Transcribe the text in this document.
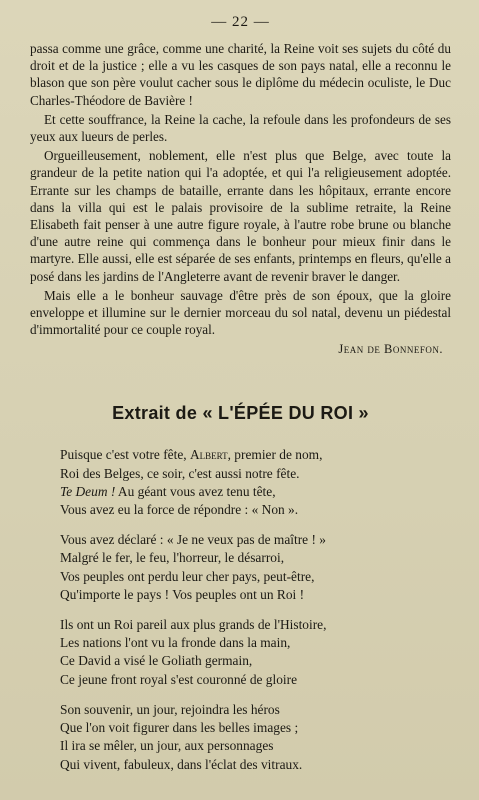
— 22 —

passa comme une grâce, comme une charité, la Reine voit ses sujets du côté du droit et de la justice ; elle a vu les casques de son pays natal, elle a reconnu le blason que son père voulut cacher sous le diplôme du médecin oculiste, le Duc Charles-Théodore de Bavière !

Et cette souffrance, la Reine la cache, la refoule dans les profondeurs de ses yeux aux lueurs de perles.

Orgueilleusement, noblement, elle n'est plus que Belge, avec toute la grandeur de la petite nation qui l'a adoptée, et qui l'a religieusement adoptée. Errante sur les champs de bataille, errante dans les hôpitaux, errante encore dans la villa qui est le palais provisoire de la sublime retraite, la Reine Elisabeth fait penser à une autre figure royale, à l'autre robe brune ou blanche d'une autre reine qui commença dans le bonheur pour mieux finir dans le martyre. Elle aussi, elle est séparée de ses enfants, printemps en fleurs, qu'elle a posé dans les jardins de l'Angleterre avant de revenir braver le danger.

Mais elle a le bonheur sauvage d'être près de son époux, que la gloire enveloppe et illumine sur le dernier morceau du sol natal, devenu un piédestal d'immortalité pour ce couple royal.

Jean de Bonnefon.
Extrait de « L'ÉPÉE DU ROI »
Puisque c'est votre fête, Albert, premier de nom,
Roi des Belges, ce soir, c'est aussi notre fête.
Te Deum ! Au géant vous avez tenu tête,
Vous avez eu la force de répondre : « Non ».
Vous avez déclaré : « Je ne veux pas de maître ! »
Malgré le fer, le feu, l'horreur, le désarroi,
Vos peuples ont perdu leur cher pays, peut-être,
Qu'importe le pays ! Vos peuples ont un Roi !
Ils ont un Roi pareil aux plus grands de l'Histoire,
Les nations l'ont vu la fronde dans la main,
Ce David a visé le Goliath germain,
Ce jeune front royal s'est couronné de gloire
Son souvenir, un jour, rejoindra les héros
Que l'on voit figurer dans les belles images ;
Il ira se mêler, un jour, aux personnages
Qui vivent, fabuleux, dans l'éclat des vitraux.
